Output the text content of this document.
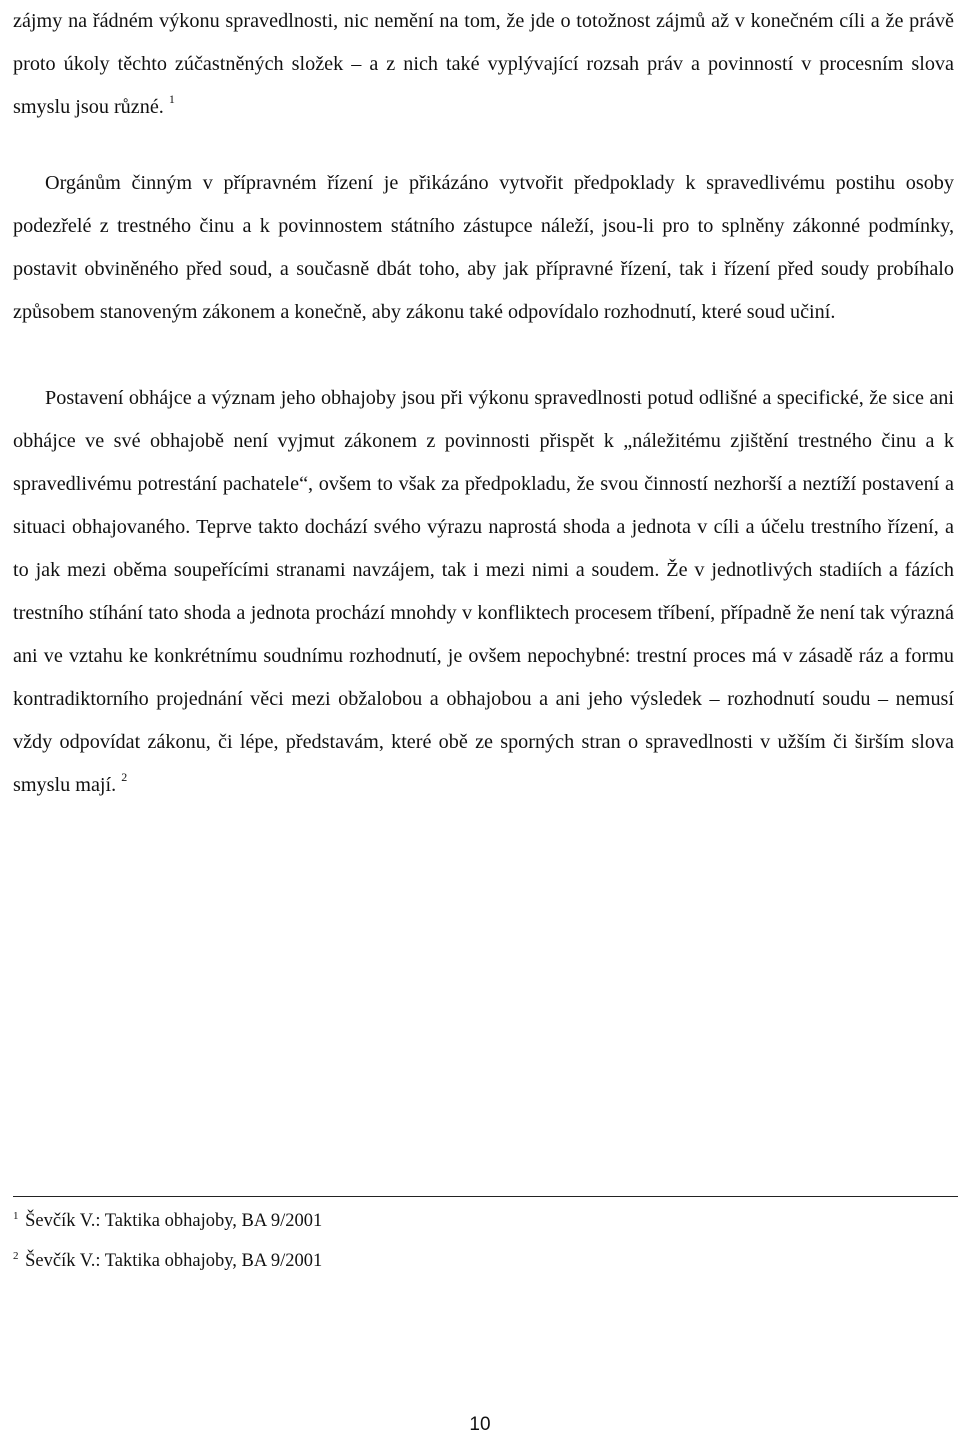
zájmy na řádném výkonu spravedlnosti, nic nemění na tom, že jde o totožnost zájmů až v konečném cíli a že právě proto úkoly těchto zúčastněných složek – a z nich také vyplývající rozsah práv a povinností v procesním slova smyslu jsou různé. $^1$

Orgánům činným v přípravném řízení je přikázáno vytvořit předpoklady k spravedlivému postihu osoby podezřelé z trestného činu a k povinnostem státního zástupce náleží, jsou-li pro to splněny zákonné podmínky, postavit obviněného před soud, a současně dbát toho, aby jak přípravné řízení, tak i řízení před soudy probíhalo způsobem stanoveným zákonem a konečně, aby zákonu také odpovídalo rozhodnutí, které soud učiní.

Postavení obhájce a význam jeho obhajoby jsou při výkonu spravedlnosti potud odlišné a specifické, že sice ani obhájce ve své obhajobě není vyjmut zákonem z povinnosti přispět k „náležitému zjištění trestného činu a k spravedlivému potrestání pachatele“, ovšem to však za předpokladu, že svou činností nezhorší a neztíží postavení a situaci obhajovaného. Teprve takto dochází svého výrazu naprostá shoda a jednota v cíli a účelu trestního řízení, a to jak mezi oběma soupeřícími stranami navzájem, tak i mezi nimi a soudem. Že v jednotlivých stadiích a fázích trestního stíhání tato shoda a jednota prochází mnohdy v konfliktech procesem tříbení, případně že není tak výrazná ani ve vztahu ke konkrétnímu soudnímu rozhodnutí, je ovšem nepochybné: trestní proces má v zásadě ráz a formu kontradiktorního projednání věci mezi obžalobou a obhajobou a ani jeho výsledek – rozhodnutí soudu – nemusí vždy odpovídat zákonu, či lépe, představám, které obě ze sporných stran o spravedlnosti v užším či širším slova smyslu mají. $^2$

$^1$ Ševčík V.: Taktika obhajoby, BA 9/2001
$^2$ Ševčík V.: Taktika obhajoby, BA 9/2001
10
